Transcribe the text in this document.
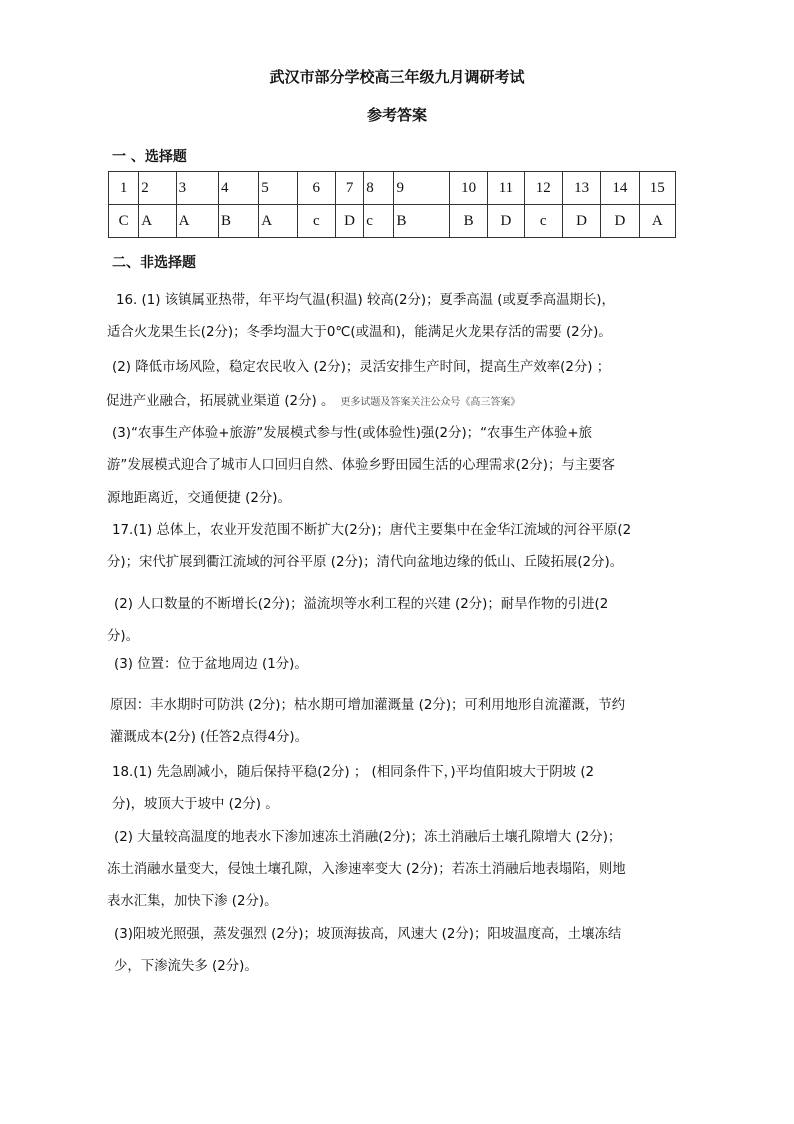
武汉市部分学校高三年级九月调研考试
参考答案
一 、选择题
1	2	3	4	5	6	7	8	9	10	11	12	13	14	15
C	A	A	B	A	c	D	c	B	B	D	c	D	D	A
二、非选择题
16. (1) 该镇属亚热带，年平均气温(积温) 较高(2分)；夏季高温 (或夏季高温期长)，
适合火龙果生长(2分)；冬季均温大于0℃(或温和)，能满足火龙果存活的需要 (2分)。
(2) 降低市场风险，稳定农民收入 (2分)；灵活安排生产时间，提高生产效率(2分) ；
促进产业融合，拓展就业渠道 (2分) 。 更多试题及答案关注公众号《高三答案》
(3)“农事生产体验+旅游”发展模式参与性(或体验性)强(2分)；“农事生产体验+旅
游”发展模式迎合了城市人口回归自然、体验乡野田园生活的心理需求(2分)；与主要客
源地距离近，交通便捷 (2分)。
17.(1) 总体上，农业开发范围不断扩大(2分)；唐代主要集中在金华江流域的河谷平原(2
分)；宋代扩展到衢江流域的河谷平原 (2分)；清代向盆地边缘的低山、丘陵拓展(2分)。
(2) 人口数量的不断增长(2分)；溢流坝等水利工程的兴建 (2分)；耐旱作物的引进(2
分)。
(3) 位置：位于盆地周边 (1分)。
原因：丰水期时可防洪 (2分)；枯水期可增加灌溉量 (2分)；可利用地形自流灌溉，节约
灌溉成本(2分) (任答2点得4分)。
18.(1) 先急剧减小，随后保持平稳(2分) ； (相同条件下，)平均值阳坡大于阴坡 (2
分)，坡顶大于坡中 (2分) 。
(2) 大量较高温度的地表水下渗加速冻土消融(2分)；冻土消融后土壤孔隙增大 (2分)；
冻土消融水量变大，侵蚀土壤孔隙，入渗速率变大 (2分)；若冻土消融后地表塌陷，则地
表水汇集，加快下渗 (2分)。
(3)阳坡光照强，蒸发强烈 (2分)；坡顶海拔高，风速大 (2分)；阳坡温度高，土壤冻结
少，下渗流失多 (2分)。
